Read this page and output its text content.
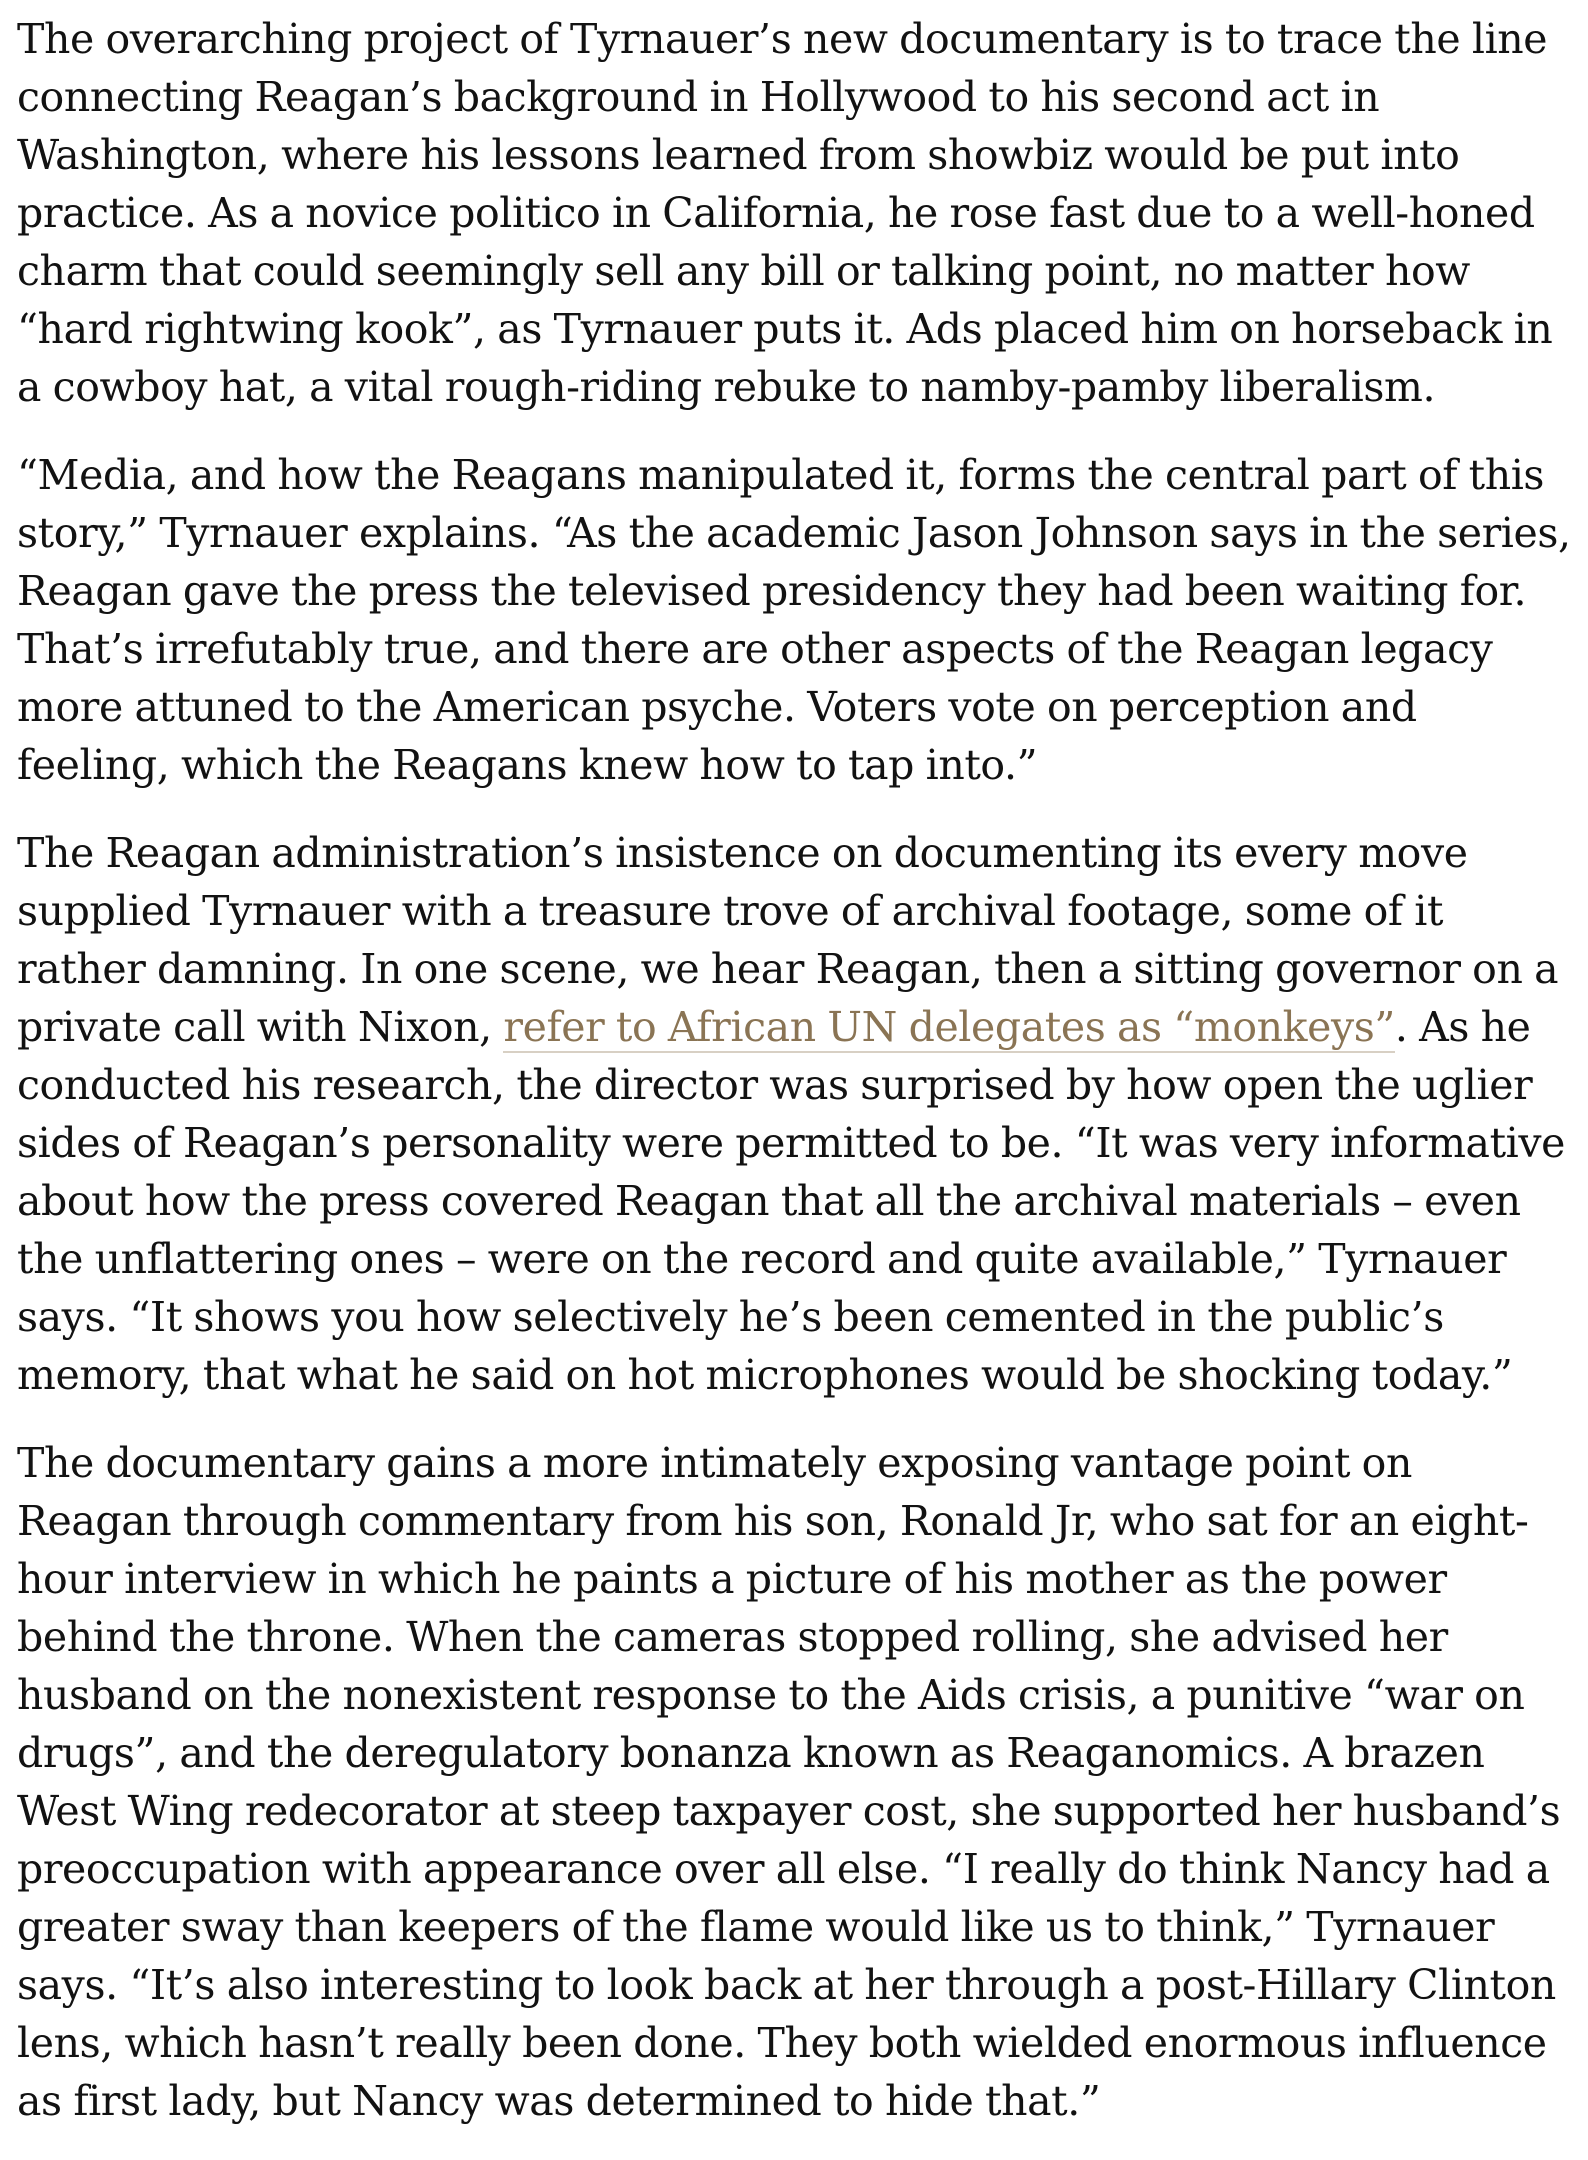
The overarching project of Tyrnauer’s new documentary is to trace the line connecting Reagan’s background in Hollywood to his second act in Washington, where his lessons learned from showbiz would be put into practice. As a novice politico in California, he rose fast due to a well-honed charm that could seemingly sell any bill or talking point, no matter how “hard rightwing kook”, as Tyrnauer puts it. Ads placed him on horseback in a cowboy hat, a vital rough-riding rebuke to namby-pamby liberalism.

“Media, and how the Reagans manipulated it, forms the central part of this story,” Tyrnauer explains. “As the academic Jason Johnson says in the series, Reagan gave the press the televised presidency they had been waiting for. That’s irrefutably true, and there are other aspects of the Reagan legacy more attuned to the American psyche. Voters vote on perception and feeling, which the Reagans knew how to tap into.”

The Reagan administration’s insistence on documenting its every move supplied Tyrnauer with a treasure trove of archival footage, some of it rather damning. In one scene, we hear Reagan, then a sitting governor on a private call with Nixon, refer to African UN delegates as “monkeys”. As he conducted his research, the director was surprised by how open the uglier sides of Reagan’s personality were permitted to be. “It was very informative about how the press covered Reagan that all the archival materials – even the unflattering ones – were on the record and quite available,” Tyrnauer says. “It shows you how selectively he’s been cemented in the public’s memory, that what he said on hot microphones would be shocking today.”

The documentary gains a more intimately exposing vantage point on Reagan through commentary from his son, Ronald Jr, who sat for an eight-hour interview in which he paints a picture of his mother as the power behind the throne. When the cameras stopped rolling, she advised her husband on the nonexistent response to the Aids crisis, a punitive “war on drugs”, and the deregulatory bonanza known as Reaganomics. A brazen West Wing redecorator at steep taxpayer cost, she supported her husband’s preoccupation with appearance over all else. “I really do think Nancy had a greater sway than keepers of the flame would like us to think,” Tyrnauer says. “It’s also interesting to look back at her through a post-Hillary Clinton lens, which hasn’t really been done. They both wielded enormous influence as first lady, but Nancy was determined to hide that.”
